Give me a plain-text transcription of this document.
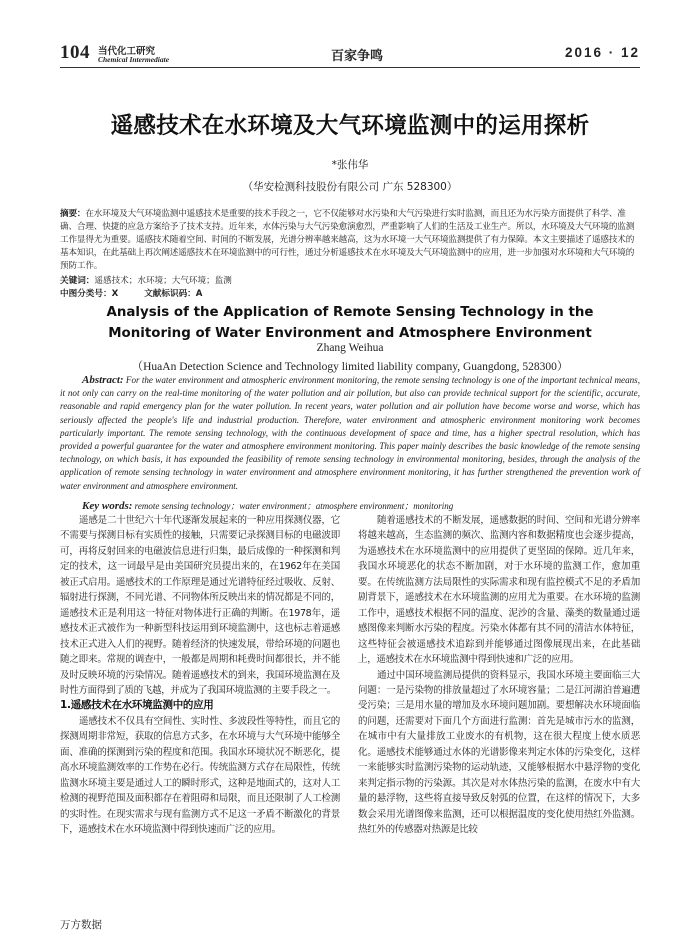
104 当代化工研究
Chemical Intermediate	百家争鸣	2016 · 12
遥感技术在水环境及大气环境监测中的运用探析
*张伟华
（华安检测科技股份有限公司 广东 528300）
摘要：在水环境及大气环境监测中遥感技术是重要的技术手段之一，它不仅能够对水污染和大气污染进行实时监测，而且还为水污染方面提供了科学、准确、合理、快捷的应急方案给予了技术支持。近年来，水体污染与大气污染愈演愈烈，严重影响了人们的生活及工业生产。所以，水环境及大气环境的监测工作显得尤为重要。遥感技术随着空间、时间的不断发展，光谱分辨率越来越高，这为水环境一大气环境监测提供了有力保障。本文主要描述了遥感技术的基本知识，在此基础上再次阐述遥感技术在环境监测中的可行性，通过分析遥感技术在水环境及大气环境监测中的应用，进一步加强对水环境和大气环境的预防工作。
关键词：遥感技术；水环境；大气环境；监测
中图分类号：X	文献标识码：A
Analysis of the Application of Remote Sensing Technology in the Monitoring of Water Environment and Atmosphere Environment
Zhang Weihua
（HuaAn Detection Science and Technology limited liability company, Guangdong, 528300）
Abstract: For the water environment and atmospheric environment monitoring, the remote sensing technology is one of the important technical means, it not only can carry on the real-time monitoring of the water pollution and air pollution, but also can provide technical support for the scientific, accurate, reasonable and rapid emergency plan for the water pollution. In recent years, water pollution and air pollution have become worse and worse, which has seriously affected the people's life and industrial production. Therefore, water environment and atmospheric environment monitoring work becomes particularly important. The remote sensing technology, with the continuous development of space and time, has a higher spectral resolution, which has provided a powerful guarantee for the water and atmosphere environment monitoring. This paper mainly describes the basic knowledge of the remote sensing technology, on which basis, it has expounded the feasibility of remote sensing technology in environmental monitoring, besides, through the analysis of the application of remote sensing technology in water environment and atmosphere environment monitoring, it has further strengthened the prevention work of water environment and atmosphere environment.
Key words: remote sensing technology；water environment；atmosphere environment；monitoring

遥感是二十世纪六十年代逐渐发展起来的一种应用探测仪器，它不需要与探测目标有实质性的接触，只需要记录探测目标的电磁波即可，再将反射回来的电磁波信息进行归集，最后成像的一种探测和判定的技术，这一词最早是由美国研究员提出来的，在1962年在美国被正式启用。遥感技术的工作原理是通过光谱特征经过吸收、反射、辐射进行探测，不同光谱、不同物体所反映出来的情况都是不同的，遥感技术正是利用这一特征对物体进行正确的判断。在1978年，遥感技术正式被作为一种新型科技运用到环境监测中，这也标志着遥感技术正式进入人们的视野。随着经济的快速发展，带给环境的问题也随之即来。常规的调查中，一般都是周期和耗费时间都很长，并不能及时反映环境的污染情况。随着遥感技术的到来，我国环境监测在及时性方面得到了质的飞越，并成为了我国环境监测的主要手段之一。

1.遥感技术在水环境监测中的应用

遥感技术不仅具有空间性、实时性、多波段性等特性，而且它的探测周期非常短，获取的信息方式多，在水环境与大气环境中能够全面、准确的探测到污染的程度和范围。我国水环境状况不断恶化，提高水环境监测效率的工作势在必行。传统监测方式存在局限性，传统监测水环境主要是通过人工的瞬时形式，这种是地面式的，这对人工检测的视野范围及面积都存在着阻碍和局限，而且还限制了人工检测的实时性。在现实需求与现有监测方式不足这一矛盾不断激化的背景下，遥感技术在水环境监测中得到快速而广泛的应用。

随着遥感技术的不断发展，遥感数据的时间、空间和光谱分辨率将越来越高，生态监测的频次、监测内容和数据精度也会逐步提高，为遥感技术在水环境监测中的应用提供了更坚固的保障。近几年来，我国水环境恶化的状态不断加剧，对于水环境的监测工作，愈加重要。在传统监测方法局限性的实际需求和现有监控模式不足的矛盾加剧背景下，遥感技术在水环境监测的应用尤为重要。在水环境的监测工作中，遥感技术根据不同的温度、泥沙的含量、藻类的数量通过遥感图像来判断水污染的程度。污染水体都有其不同的清洁水体特征，这些特征会被遥感技术追踪到并能够通过图像展现出来，在此基础上，遥感技术在水环境监测中得到快速和广泛的应用。

通过中国环境监测局提供的资料显示，我国水环境主要面临三大问题：一是污染物的排放量超过了水环境容量；二是江河湖泊普遍遭受污染；三是用水量的增加及水环境问题加剧。要想解决水环境面临的问题，还需要对下面几个方面进行监测：首先是城市污水的监测，在城市中有大量排放工业废水的有机物，这在很大程度上使水质恶化。遥感技术能够通过水体的光谱影像来判定水体的污染变化，这样一来能够实时监测污染物的运动轨迹，又能够根据水中悬浮物的变化来判定指示物的污染源。其次是对水体热污染的监测，在废水中有大量的悬浮物，这些将直接导致反射弧的位置，在这样的情况下，大多数会采用光谱图像来监测，还可以根据温度的变化使用热红外监测。热红外的传感器对热源是比较

万方数据
